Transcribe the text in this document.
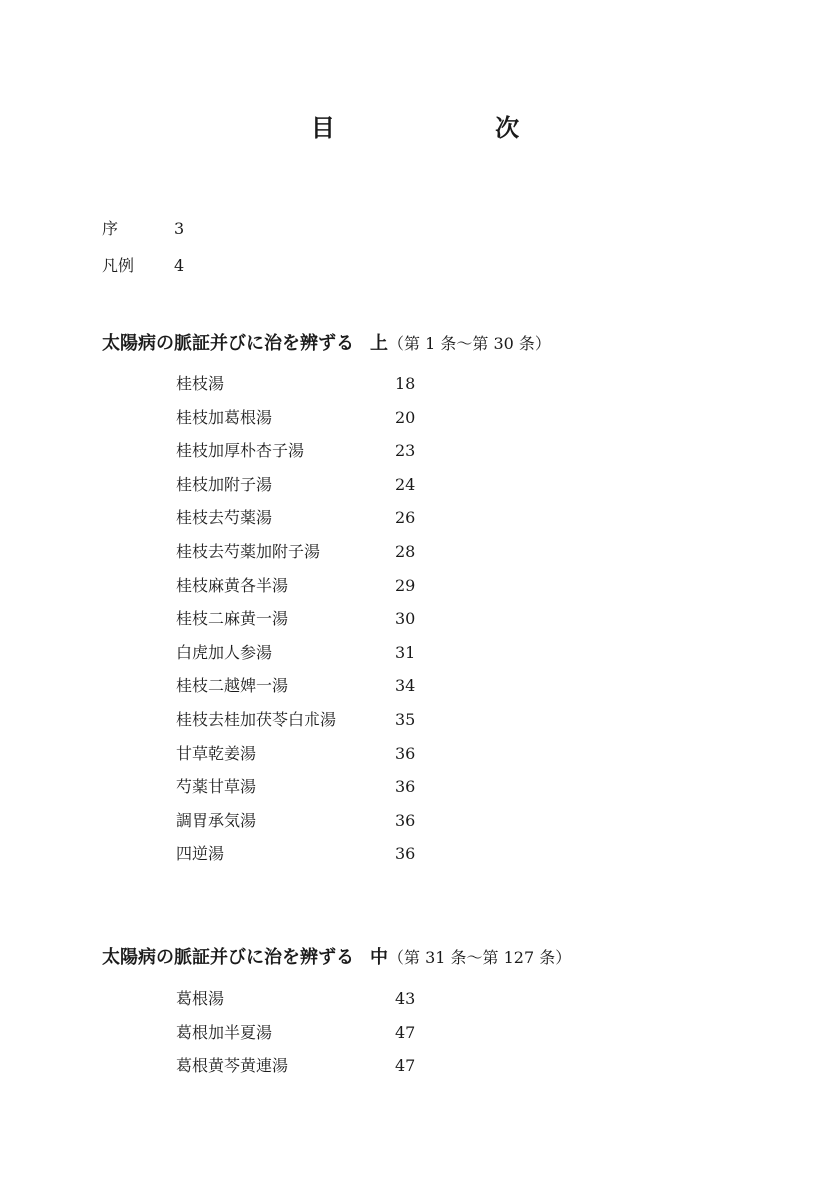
目 次
序	3
凡例 4
太陽病の脈証并びに治を辨ずる 上（第 1 条〜第 30 条）
桂枝湯	18
桂枝加葛根湯	20
桂枝加厚朴杏子湯	23
桂枝加附子湯	24
桂枝去芍薬湯	26
桂枝去芍薬加附子湯	28
桂枝麻黄各半湯	29
桂枝二麻黄一湯	30
白虎加人参湯	31
桂枝二越婢一湯	34
桂枝去桂加茯苓白朮湯	35
甘草乾姜湯	36
芍薬甘草湯	36
調胃承気湯	36
四逆湯	36
太陽病の脈証并びに治を辨ずる 中（第 31 条〜第 127 条）
葛根湯	43
葛根加半夏湯	47
葛根黄芩黄連湯	47
